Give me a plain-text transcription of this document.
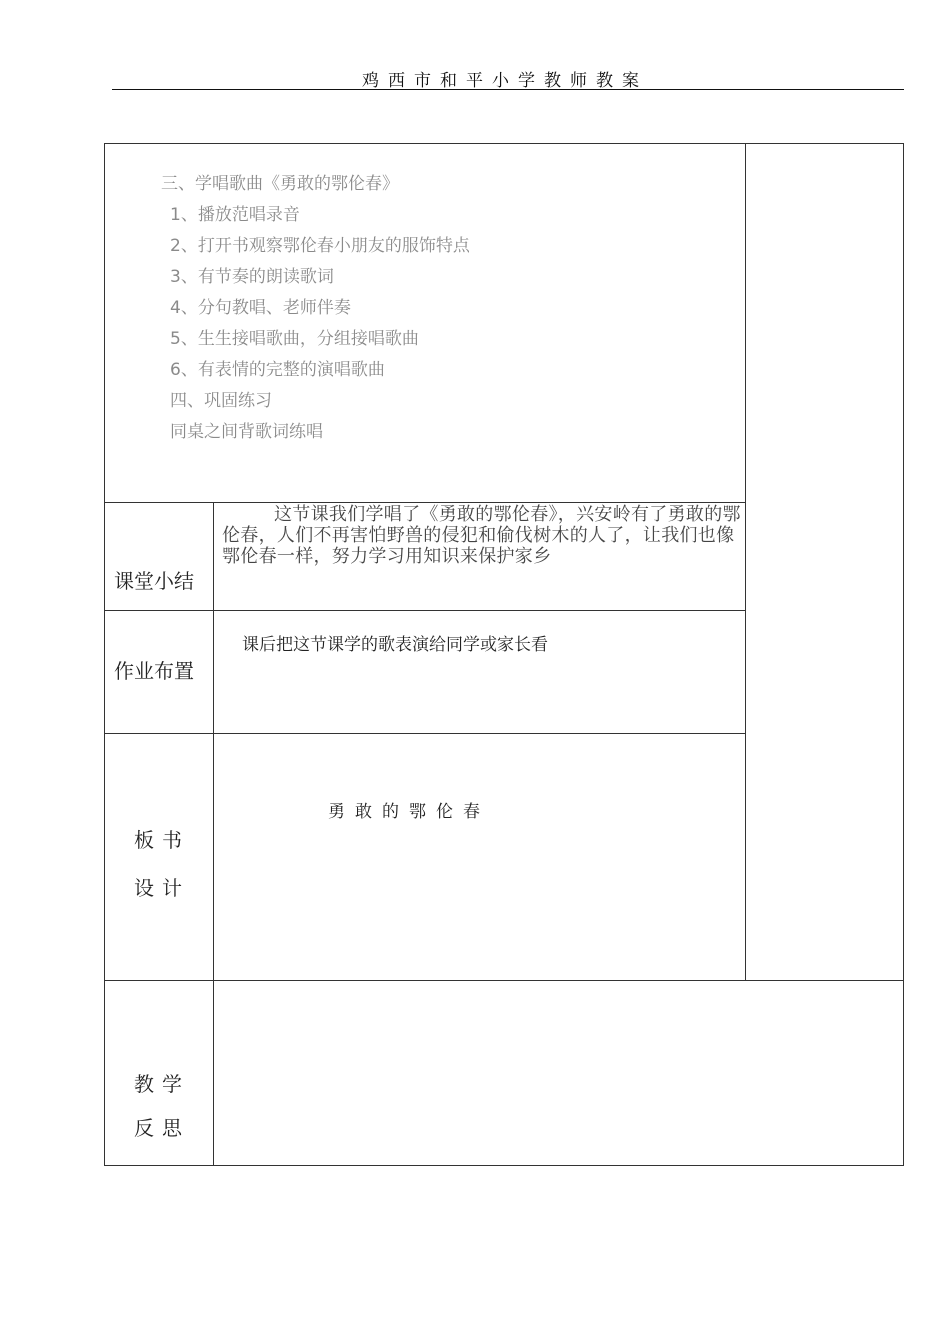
鸡西市和平小学教师教案
三、学唱歌曲《勇敢的鄂伦春》
1、播放范唱录音
2、打开书观察鄂伦春小朋友的服饰特点
3、有节奏的朗读歌词
4、分句教唱、老师伴奏
5、生生接唱歌曲，分组接唱歌曲
6、有表情的完整的演唱歌曲
四、巩固练习
同桌之间背歌词练唱
课堂小结
这节课我们学唱了《勇敢的鄂伦春》，兴安岭有了勇敢的鄂伦春，人们不再害怕野兽的侵犯和偷伐树木的人了，让我们也像鄂伦春一样，努力学习用知识来保护家乡
作业布置
课后把这节课学的歌表演给同学或家长看
板书
设计
勇敢的鄂伦春
教学
反思
